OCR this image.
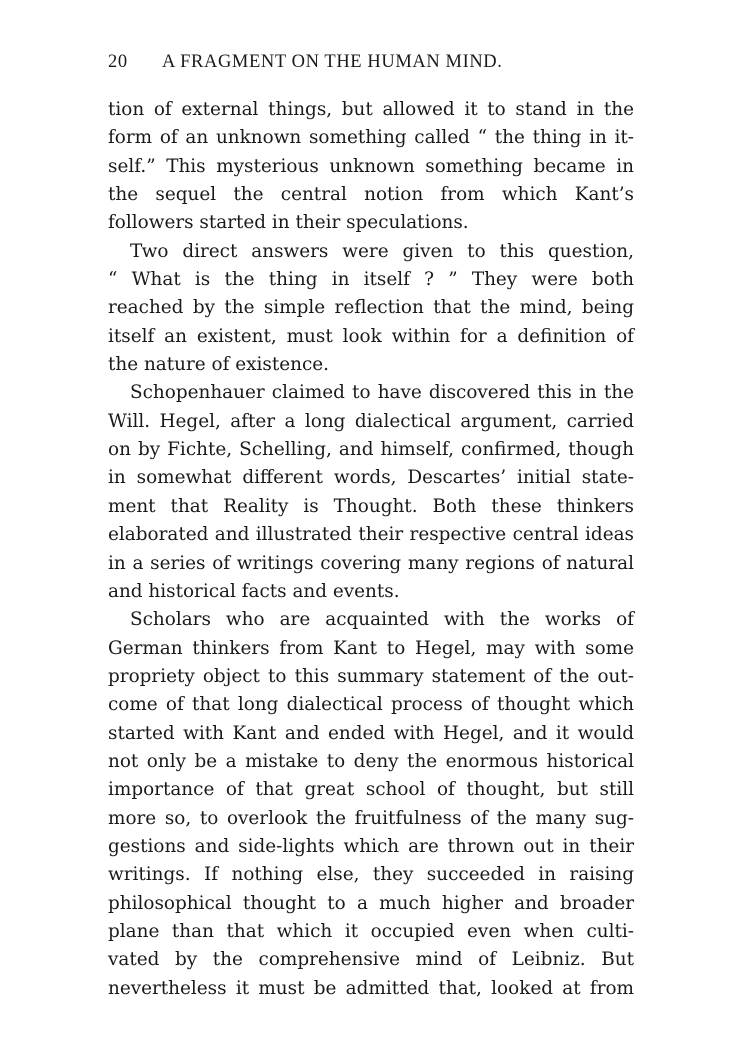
20	A FRAGMENT ON THE HUMAN MIND.

tion of external things, but allowed it to stand in the
form of an unknown something called “ the thing in it-
self.” This mysterious unknown something became in
the sequel the central notion from which Kant’s
followers started in their speculations.

Two direct answers were given to this question,
“ What is the thing in itself ? ” They were both
reached by the simple reflection that the mind, being
itself an existent, must look within for a definition of
the nature of existence.

Schopenhauer claimed to have discovered this in the
Will. Hegel, after a long dialectical argument, carried
on by Fichte, Schelling, and himself, confirmed, though
in somewhat different words, Descartes’ initial state-
ment that Reality is Thought. Both these thinkers
elaborated and illustrated their respective central ideas
in a series of writings covering many regions of natural
and historical facts and events.

Scholars who are acquainted with the works of
German thinkers from Kant to Hegel, may with some
propriety object to this summary statement of the out-
come of that long dialectical process of thought which
started with Kant and ended with Hegel, and it would
not only be a mistake to deny the enormous historical
importance of that great school of thought, but still
more so, to overlook the fruitfulness of the many sug-
gestions and side-lights which are thrown out in their
writings. If nothing else, they succeeded in raising
philosophical thought to a much higher and broader
plane than that which it occupied even when culti-
vated by the comprehensive mind of Leibniz. But
nevertheless it must be admitted that, looked at from
